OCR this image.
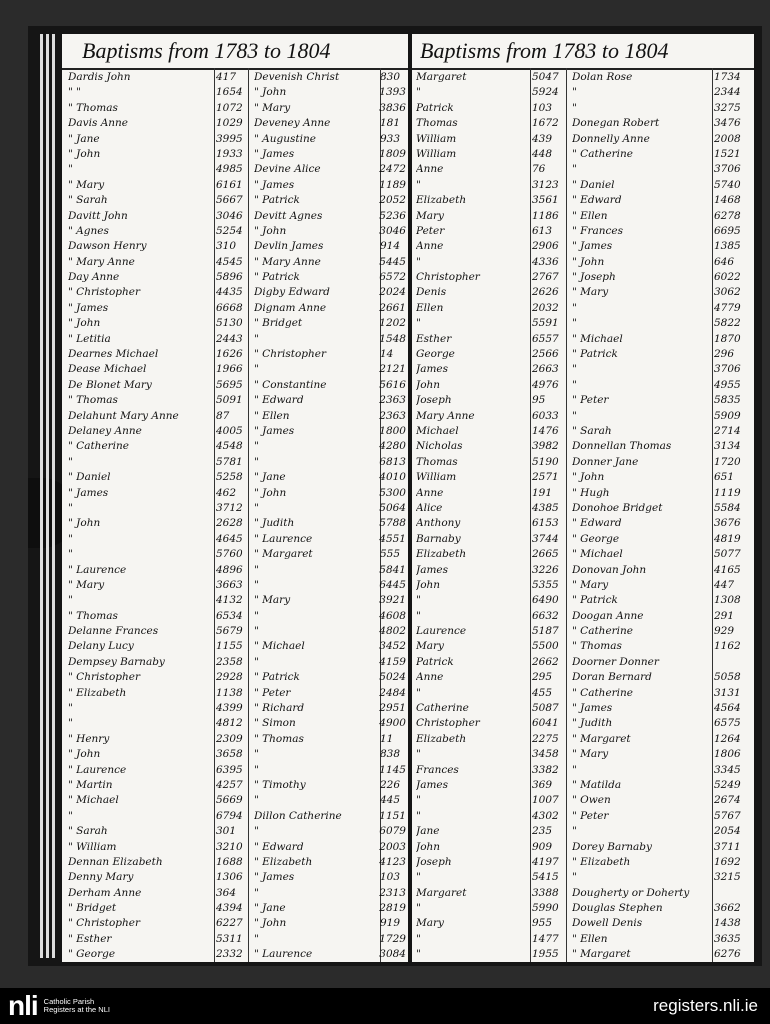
Baptisms from 1783 to 1804
Dardis John	417
" "	1654
" Thomas	1072
Davis Anne	1029
" Jane	3995
" John	1933
"	4985
" Mary	6161
" Sarah	5667
Davitt John	3046
" Agnes	5254
Dawson Henry	310
" Mary Anne	4545
Day Anne	5896
" Christopher	4435
" James	6668
" John	5130
" Letitia	2443
Dearnes Michael	1626
Dease Michael	1966
De Blonet Mary	5695
" Thomas	5091
Delahunt Mary Anne	87
Delaney Anne	4005
" Catherine	4548
"	5781
" Daniel	5258
" James	462
"	3712
" John	2628
"	4645
"	5760
" Laurence	4896
" Mary	3663
"	4132
" Thomas	6534
Delanne Frances	5679
Delany Lucy	1155
Dempsey Barnaby	2358
" Christopher	2928
" Elizabeth	1138
"	4399
"	4812
" Henry	2309
" John	3658
" Laurence	6395
" Martin	4257
" Michael	5669
"	6794
" Sarah	301
" William	3210
Dennan Elizabeth	1688
Denny Mary	1306
Derham Anne	364
" Bridget	4394
" Christopher	6227
" Esther	5311
" George	2332
Devenish Christ	830
" John	1393
" Mary	3836
Deveney Anne	181
" Augustine	933
" James	1809
Devine Alice	2472
" James	1189
" Patrick	2052
Devitt Agnes	5236
" John	3046
Devlin James	914
" Mary Anne	5445
" Patrick	6572
Digby Edward	2024
Dignam Anne	2661
" Bridget	1202
"	1548
" Christopher	14
"	2121
" Constantine	5616
" Edward	2363
" Ellen	2363
" James	1800
"	4280
"	6813
" Jane	4010
" John	5300
"	5064
" Judith	5788
" Laurence	4551
" Margaret	555
"	5841
"	6445
" Mary	3921
"	4608
"	4802
" Michael	3452
"	4159
" Patrick	5024
" Peter	2484
" Richard	2951
" Simon	4900
" Thomas	11
"	838
"	1145
" Timothy	226
"	445
Dillon Catherine	1151
"	6079
" Edward	2003
" Elizabeth	4123
" James	103
"	2313
" Jane	2819
" John	919
"	1729
" Laurence	3084
Baptisms from 1783 to 1804
Margaret	5047
"	5924
Patrick	103
Thomas	1672
William	439
William	448
Anne	76
"	3123
Elizabeth	3561
Mary	1186
Peter	613
Anne	2906
"	4336
Christopher	2767
Denis	2626
Ellen	2032
"	5591
Esther	6557
George	2566
James	2663
John	4976
Joseph	95
Mary Anne	6033
Michael	1476
Nicholas	3982
Thomas	5190
William	2571
Anne	191
Alice	4385
Anthony	6153
Barnaby	3744
Elizabeth	2665
James	3226
John	5355
"	6490
"	6632
Laurence	5187
Mary	5500
Patrick	2662
Anne	295
"	455
Catherine	5087
Christopher	6041
Elizabeth	2275
"	3458
Frances	3382
James	369
"	1007
"	4302
Jane	235
John	909
Joseph	4197
"	5415
Margaret	3388
"	5990
Mary	955
"	1477
"	1955
Dolan Rose	1734
"	2344
"	3275
Donegan Robert	3476
Donnelly Anne	2008
" Catherine	1521
"	3706
" Daniel	5740
" Edward	1468
" Ellen	6278
" Frances	6695
" James	1385
" John	646
" Joseph	6022
" Mary	3062
"	4779
"	5822
" Michael	1870
" Patrick	296
"	3706
"	4955
" Peter	5835
"	5909
" Sarah	2714
Donnellan Thomas	3134
Donner Jane	1720
" John	651
" Hugh	1119
Donohoe Bridget	5584
" Edward	3676
" George	4819
" Michael	5077
Donovan John	4165
" Mary	447
" Patrick	1308
Doogan Anne	291
" Catherine	929
" Thomas	1162
Doorner Donner
Doran Bernard	5058
" Catherine	3131
" James	4564
" Judith	6575
" Margaret	1264
" Mary	1806
"	3345
" Matilda	5249
" Owen	2674
" Peter	5767
"	2054
Dorey Barnaby	3711
" Elizabeth	1692
"	3215
Dougherty or Doherty
Douglas Stephen	3662
Dowell Denis	1438
" Ellen	3635
" Margaret	6276
nli Catholic Parish Registers at the NLI	registers.nli.ie
